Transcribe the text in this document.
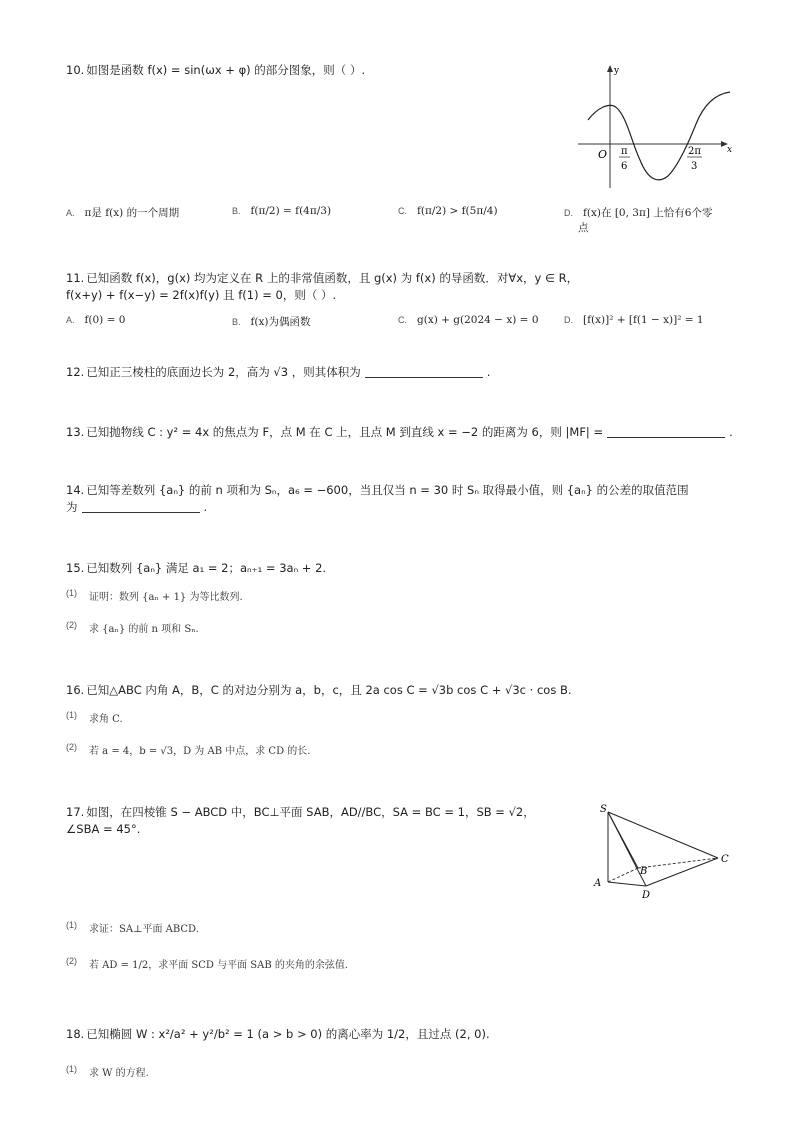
10. 如图是函数 f(x) = sin(ωx + φ) 的部分图象，则（ ）.	y
x
O π
6
2π
3
A. π是 f(x) 的一个周期	B. f(π/2) = f(4π/3)	C. f(π/2) > f(5π/4)	D. f(x)在 [0, 3π] 上恰有6个零
点
11. 已知函数 f(x)，g(x) 均为定义在 R 上的非常值函数，且 g(x) 为 f(x) 的导函数．对∀x，y ∈ R，
f(x+y) + f(x−y) = 2f(x)f(y) 且 f(1) = 0，则（ ）.
A. f(0) = 0	B. f(x)为偶函数	C. g(x) + g(2024 − x) = 0	D. [f(x)]² + [f(1 − x)]² = 1
12. 已知正三棱柱的底面边长为 2，高为 √3 ，则其体积为	.
13. 已知抛物线 C : y² = 4x 的焦点为 F，点 M 在 C 上，且点 M 到直线 x = −2 的距离为 6，则 |MF| =	.
14. 已知等差数列 {aₙ} 的前 n 项和为 Sₙ，a₆ = −600，当且仅当 n = 30 时 Sₙ 取得最小值，则 {aₙ} 的公差的取值范围
为	.
15. 已知数列 {aₙ} 满足 a₁ = 2；aₙ₊₁ = 3aₙ + 2.
(1) 证明：数列 {aₙ + 1} 为等比数列.
(2) 求 {aₙ} 的前 n 项和 Sₙ.
16. 已知△ABC 内角 A，B，C 的对边分别为 a，b，c，且 2a cos C = √3b cos C + √3c · cos B.
(1) 求角 C.
(2) 若 a = 4，b = √3，D 为 AB 中点，求 CD 的长.
17. 如图，在四棱锥 S − ABCD 中，BC⊥平面 SAB，AD//BC，SA = BC = 1，SB = √2，
∠SBA = 45°.
S
A
B
C
D
(1) 求证：SA⊥平面 ABCD.
(2) 若 AD = 1/2，求平面 SCD 与平面 SAB 的夹角的余弦值.
18. 已知椭圆 W : x²/a² + y²/b² = 1 (a > b > 0) 的离心率为 1/2，且过点 (2, 0).
(1) 求 W 的方程.
